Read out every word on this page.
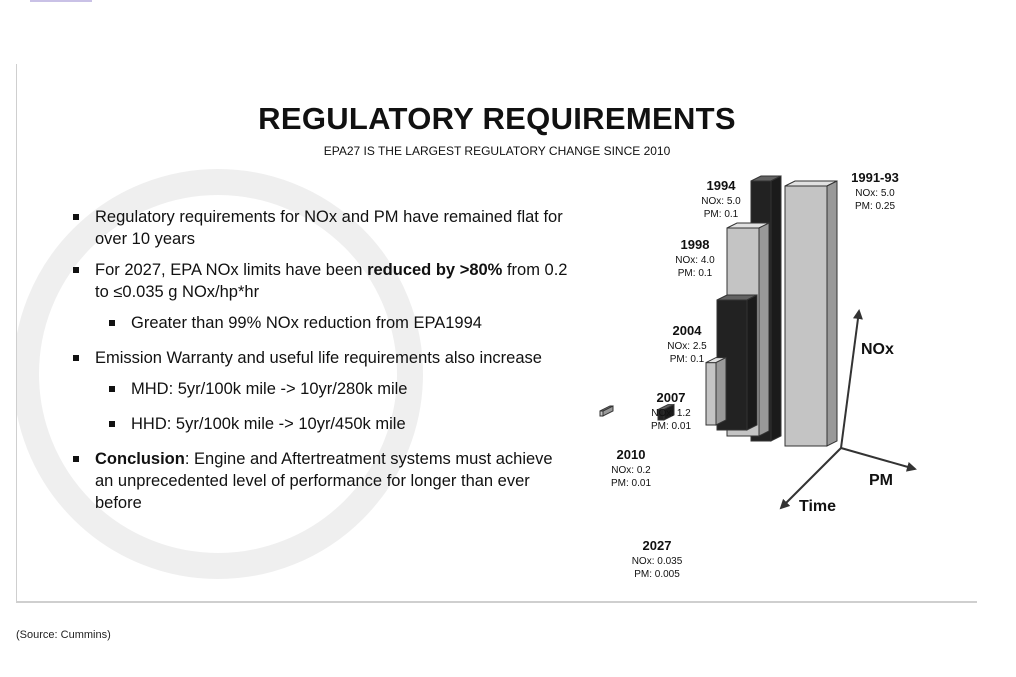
REGULATORY REQUIREMENTS
EPA27 IS THE LARGEST REGULATORY CHANGE SINCE 2010
Regulatory requirements for NOx and PM have remained flat for over 10 years
For 2027, EPA NOx limits have been reduced by >80% from 0.2 to ≤0.035 g NOx/hp*hr
Greater than 99% NOx reduction from EPA1994
Emission Warranty and useful life requirements also increase
MHD: 5yr/100k mile -> 10yr/280k mile
HHD: 5yr/100k mile -> 10yr/450k mile
Conclusion: Engine and Aftertreatment systems must achieve an unprecedented level of performance for longer than ever before
NOx
PM
Time
1991-93
NOx: 5.0
PM: 0.25
1994
NOx: 5.0
PM: 0.1
1998
NOx: 4.0
PM: 0.1
2004
NOx: 2.5
PM: 0.1
2007
NOx: 1.2
PM: 0.01
2010
NOx: 0.2
PM: 0.01
2027
NOx: 0.035
PM: 0.005
(Source: Cummins)
